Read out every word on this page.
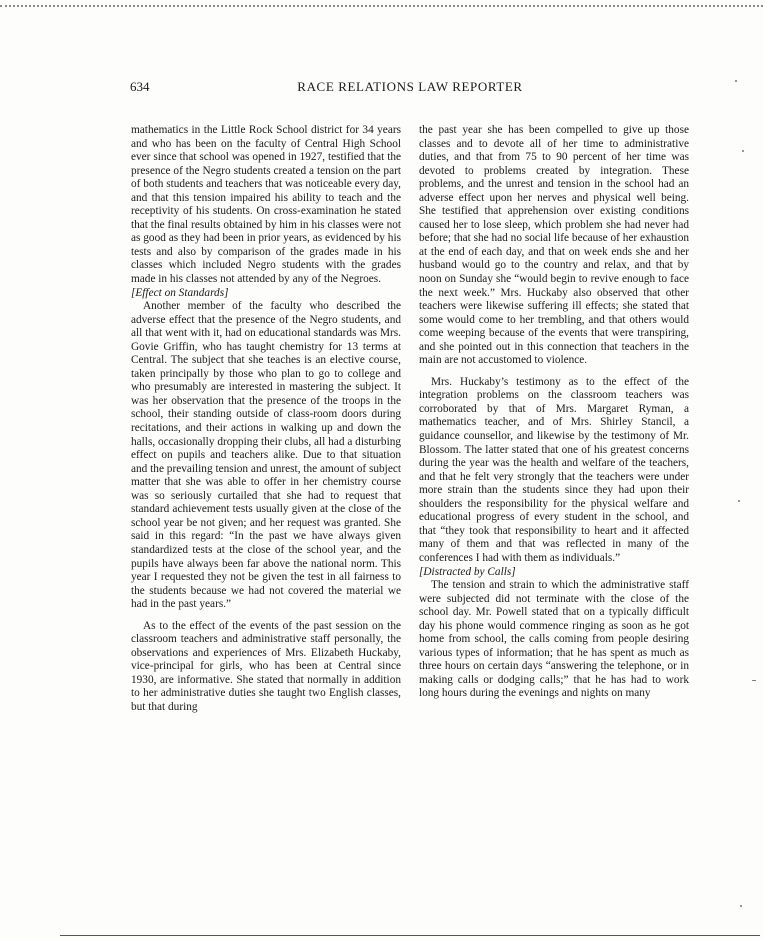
634	RACE RELATIONS LAW REPORTER

mathematics in the Little Rock School district for 34 years and who has been on the faculty of Central High School ever since that school was opened in 1927, testified that the presence of the Negro students created a tension on the part of both students and teachers that was noticeable every day, and that this tension impaired his ability to teach and the receptivity of his students. On cross-examination he stated that the final results obtained by him in his classes were not as good as they had been in prior years, as evidenced by his tests and also by comparison of the grades made in his classes which included Negro students with the grades made in his classes not attended by any of the Negroes.

[Effect on Standards]

Another member of the faculty who described the adverse effect that the presence of the Negro students, and all that went with it, had on educational standards was Mrs. Govie Griffin, who has taught chemistry for 13 terms at Central. The subject that she teaches is an elective course, taken principally by those who plan to go to college and who presumably are interested in mastering the subject. It was her observation that the presence of the troops in the school, their standing outside of class-room doors during recitations, and their actions in walking up and down the halls, occasionally dropping their clubs, all had a disturbing effect on pupils and teachers alike. Due to that situation and the prevailing tension and unrest, the amount of subject matter that she was able to offer in her chemistry course was so seriously curtailed that she had to request that standard achievement tests usually given at the close of the school year be not given; and her request was granted. She said in this regard: “In the past we have always given standardized tests at the close of the school year, and the pupils have always been far above the national norm. This year I requested they not be given the test in all fairness to the students because we had not covered the material we had in the past years.”

As to the effect of the events of the past session on the classroom teachers and administrative staff personally, the observations and experiences of Mrs. Elizabeth Huckaby, vice-principal for girls, who has been at Central since 1930, are informative. She stated that normally in addition to her administrative duties she taught two English classes, but that during

the past year she has been compelled to give up those classes and to devote all of her time to administrative duties, and that from 75 to 90 percent of her time was devoted to problems created by integration. These problems, and the unrest and tension in the school had an adverse effect upon her nerves and physical well being. She testified that apprehension over existing conditions caused her to lose sleep, which problem she had never had before; that she had no social life because of her exhaustion at the end of each day, and that on week ends she and her husband would go to the country and relax, and that by noon on Sunday she “would begin to revive enough to face the next week.” Mrs. Huckaby also observed that other teachers were likewise suffering ill effects; she stated that some would come to her trembling, and that others would come weeping because of the events that were transpiring, and she pointed out in this connection that teachers in the main are not accustomed to violence.

Mrs. Huckaby’s testimony as to the effect of the integration problems on the classroom teachers was corroborated by that of Mrs. Margaret Ryman, a mathematics teacher, and of Mrs. Shirley Stancil, a guidance counsellor, and likewise by the testimony of Mr. Blossom. The latter stated that one of his greatest concerns during the year was the health and welfare of the teachers, and that he felt very strongly that the teachers were under more strain than the students since they had upon their shoulders the responsibility for the physical welfare and educational progress of every student in the school, and that “they took that responsibility to heart and it affected many of them and that was reflected in many of the conferences I had with them as individuals.”

[Distracted by Calls]

The tension and strain to which the administrative staff were subjected did not terminate with the close of the school day. Mr. Powell stated that on a typically difficult day his phone would commence ringing as soon as he got home from school, the calls coming from people desiring various types of information; that he has spent as much as three hours on certain days “answering the telephone, or in making calls or dodging calls;” that he has had to work long hours during the evenings and nights on many
